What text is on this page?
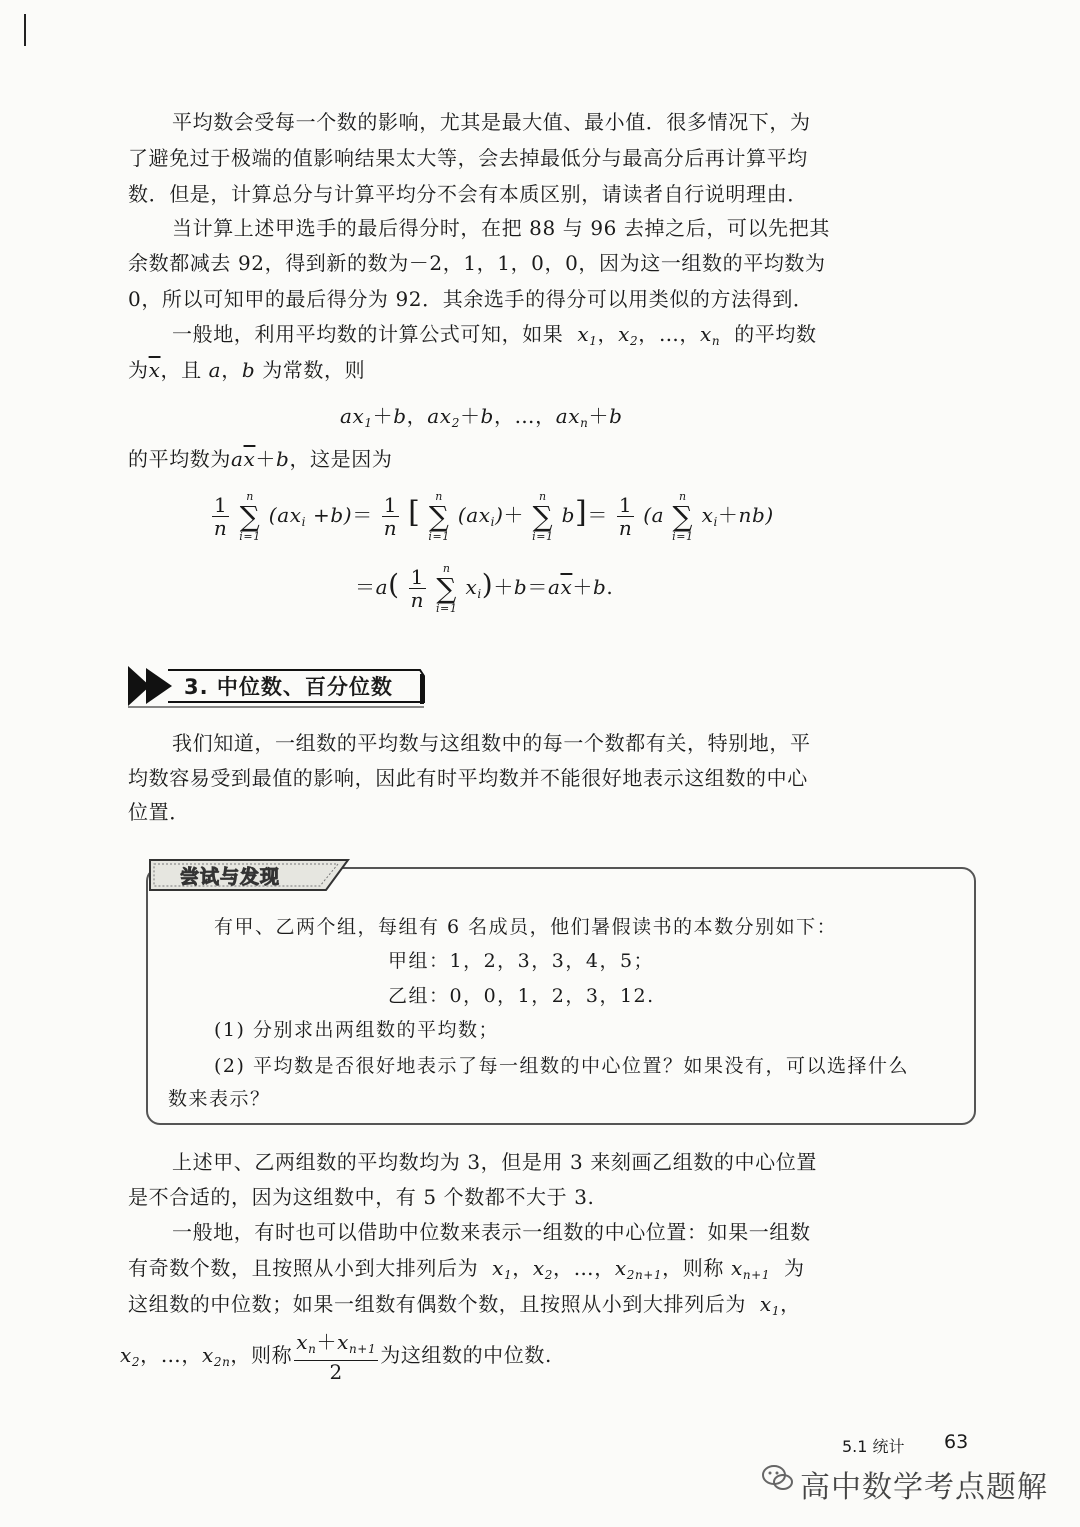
平均数会受每一个数的影响，尤其是最大值、最小值．很多情况下，为
了避免过于极端的值影响结果太大等，会去掉最低分与最高分后再计算平均
数．但是，计算总分与计算平均分不会有本质区别，请读者自行说明理由．
当计算上述甲选手的最后得分时，在把 88 与 96 去掉之后，可以先把其
余数都减去 92，得到新的数为－2，1，1，0，0，因为这一组数的平均数为
0，所以可知甲的最后得分为 92．其余选手的得分可以用类似的方法得到．
一般地，利用平均数的计算公式可知，如果  $x_1$，$x_2$，…，$x_n$ 的平均数
为$\overline{x}$，且 a，b 为常数，则
$ax_1+b$，$ax_2+b$，…，$ax_n+b$
的平均数为$a\overline{x}+b$，这是因为
$\frac{1}{n}$
	n
∑
i=1
$(ax_i +b)= \frac{1}{n}$ [	n
∑
i=1
$(ax_i)+$
n
∑
i=1
$b]= \frac{1}{n} (a$
n
∑
i=1
$x_i+nb$)
$=a( \frac{1}{n}$
	n
∑
i=1
$x_i)+b=a\overline{x}+b$.
3. 中位数、百分位数
我们知道，一组数的平均数与这组数中的每一个数都有关，特别地，平
均数容易受到最值的影响，因此有时平均数并不能很好地表示这组数的中心
位置．
尝试与发现
有甲、乙两个组，每组有 6 名成员，他们暑假读书的本数分别如下：
甲组：1，2，3，3，4，5；
乙组：0，0，1，2，3，12.
(1) 分别求出两组数的平均数；
(2) 平均数是否很好地表示了每一组数的中心位置？如果没有，可以选择什么
数来表示？
上述甲、乙两组数的平均数均为 3，但是用 3 来刻画乙组数的中心位置
是不合适的，因为这组数中，有 5 个数都不大于 3.
一般地，有时也可以借助中位数来表示一组数的中心位置：如果一组数
有奇数个数，且按照从小到大排列后为  $x_1$，$x_2$，…，$x_{2n+1}$，则称 $x_{n+1}$ 为
这组数的中位数；如果一组数有偶数个数，且按照从小到大排列后为  $x_1$，
$x_2$，…，$x_{2n}$，则称 $\frac{x_n+x_{n+1}}{2}$ 为这组数的中位数.
5.1 统计 63
高中数学考点题解
